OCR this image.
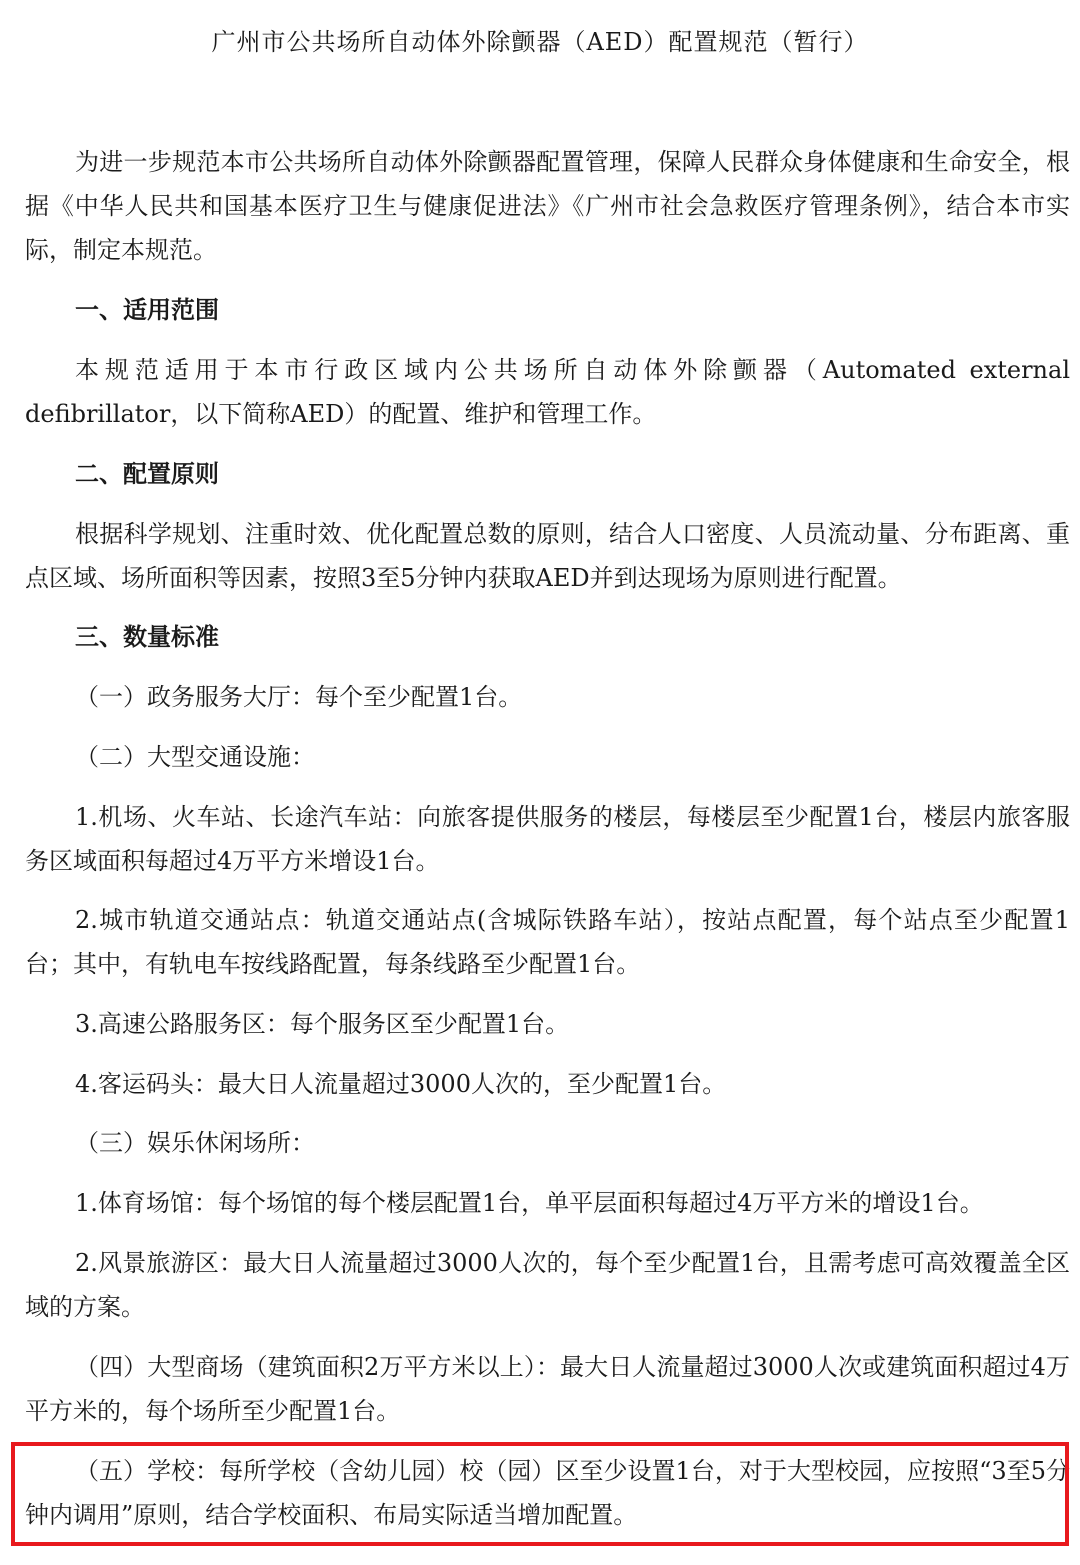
广州市公共场所自动体外除颤器（AED）配置规范（暂行）

为进一步规范本市公共场所自动体外除颤器配置管理，保障人民群众身体健康和生命安全，根据《中华人民共和国基本医疗卫生与健康促进法》《广州市社会急救医疗管理条例》，结合本市实际，制定本规范。

一、适用范围

本规范适用于本市行政区域内公共场所自动体外除颤器（Automated external defibrillator，以下简称AED）的配置、维护和管理工作。

二、配置原则

根据科学规划、注重时效、优化配置总数的原则，结合人口密度、人员流动量、分布距离、重点区域、场所面积等因素，按照3至5分钟内获取AED并到达现场为原则进行配置。

三、数量标准

（一）政务服务大厅：每个至少配置1台。

（二）大型交通设施：

1.机场、火车站、长途汽车站：向旅客提供服务的楼层，每楼层至少配置1台，楼层内旅客服务区域面积每超过4万平方米增设1台。

2.城市轨道交通站点：轨道交通站点(含城际铁路车站），按站点配置，每个站点至少配置1台；其中，有轨电车按线路配置，每条线路至少配置1台。

3.高速公路服务区：每个服务区至少配置1台。

4.客运码头：最大日人流量超过3000人次的，至少配置1台。

（三）娱乐休闲场所：

1.体育场馆：每个场馆的每个楼层配置1台，单平层面积每超过4万平方米的增设1台。

2.风景旅游区：最大日人流量超过3000人次的，每个至少配置1台，且需考虑可高效覆盖全区域的方案。

（四）大型商场（建筑面积2万平方米以上）：最大日人流量超过3000人次或建筑面积超过4万平方米的，每个场所至少配置1台。

（五）学校：每所学校（含幼儿园）校（园）区至少设置1台，对于大型校园，应按照“3至5分钟内调用”原则，结合学校面积、布局实际适当增加配置。
